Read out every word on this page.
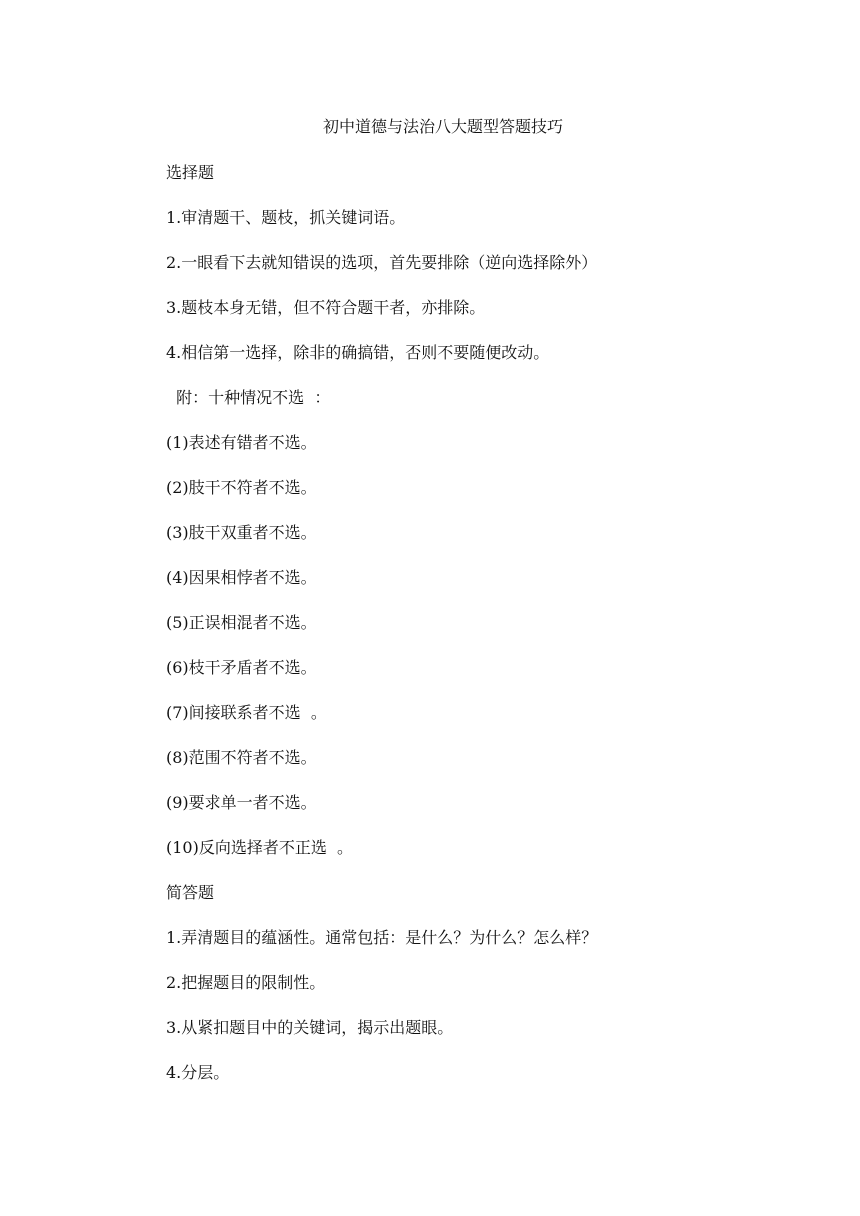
初中道德与法治八大题型答题技巧
选择题
1.审清题干、题枝，抓关键词语。
2.一眼看下去就知错误的选项，首先要排除（逆向选择除外）
3.题枝本身无错，但不符合题干者，亦排除。
4.相信第一选择，除非的确搞错，否则不要随便改动。
附：十种情况不选  ：
(1)表述有错者不选。
(2)肢干不符者不选。
(3)肢干双重者不选。
(4)因果相悖者不选。
(5)正误相混者不选。
(6)枝干矛盾者不选。
(7)间接联系者不选  。
(8)范围不符者不选。
(9)要求单一者不选。
(10)反向选择者不正选  。
简答题
1.弄清题目的蕴涵性。通常包括：是什么？为什么？怎么样？
2.把握题目的限制性。
3.从紧扣题目中的关键词，揭示出题眼。
4.分层。
